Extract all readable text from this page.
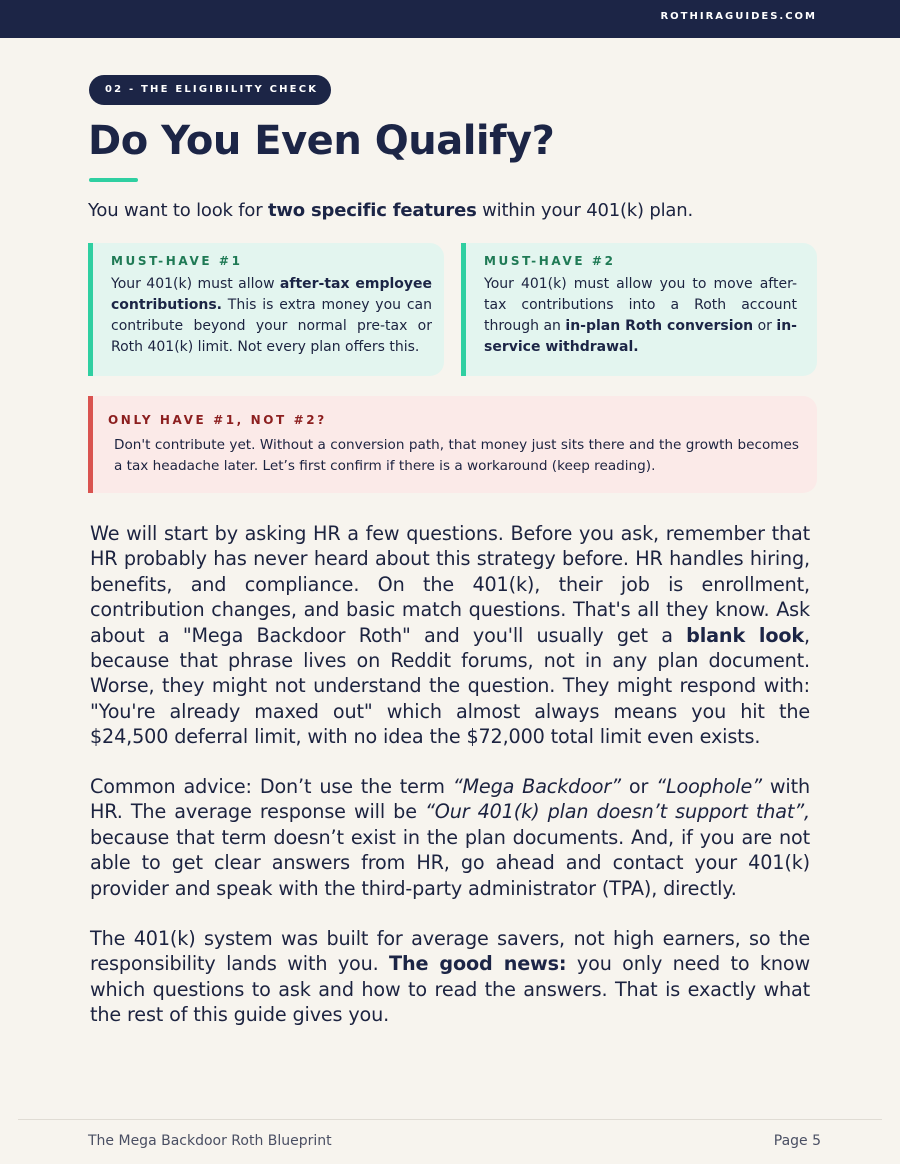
ROTHIRAGUIDES.COM
02 - THE ELIGIBILITY CHECK
Do You Even Qualify?

You want to look for two specific features within your 401(k) plan.

MUST-HAVE #1

Your 401(k) must allow after-tax employee contributions. This is extra money you can contribute beyond your normal pre-tax or Roth 401(k) limit. Not every plan offers this.

MUST-HAVE #2

Your 401(k) must allow you to move after-tax contributions into a Roth account through an in-plan Roth conversion or in-service withdrawal.

ONLY HAVE #1, NOT #2?

Don't contribute yet. Without a conversion path, that money just sits there and the growth becomes a tax headache later. Let’s first confirm if there is a workaround (keep reading).

We will start by asking HR a few questions. Before you ask, remember that HR probably has never heard about this strategy before. HR handles hiring, benefits, and compliance. On the 401(k), their job is enrollment, contribution changes, and basic match questions. That's all they know. Ask about a "Mega Backdoor Roth" and you'll usually get a blank look, because that phrase lives on Reddit forums, not in any plan document. Worse, they might not understand the question. They might respond with: "You're already maxed out" which almost always means you hit the $24,500 deferral limit, with no idea the $72,000 total limit even exists.

Common advice: Don’t use the term “Mega Backdoor” or “Loophole” with HR. The average response will be “Our 401(k) plan doesn’t support that”, because that term doesn’t exist in the plan documents. And, if you are not able to get clear answers from HR, go ahead and contact your 401(k) provider and speak with the third-party administrator (TPA), directly.

The 401(k) system was built for average savers, not high earners, so the responsibility lands with you. The good news: you only need to know which questions to ask and how to read the answers. That is exactly what the rest of this guide gives you.

The Mega Backdoor Roth Blueprint	Page 5
